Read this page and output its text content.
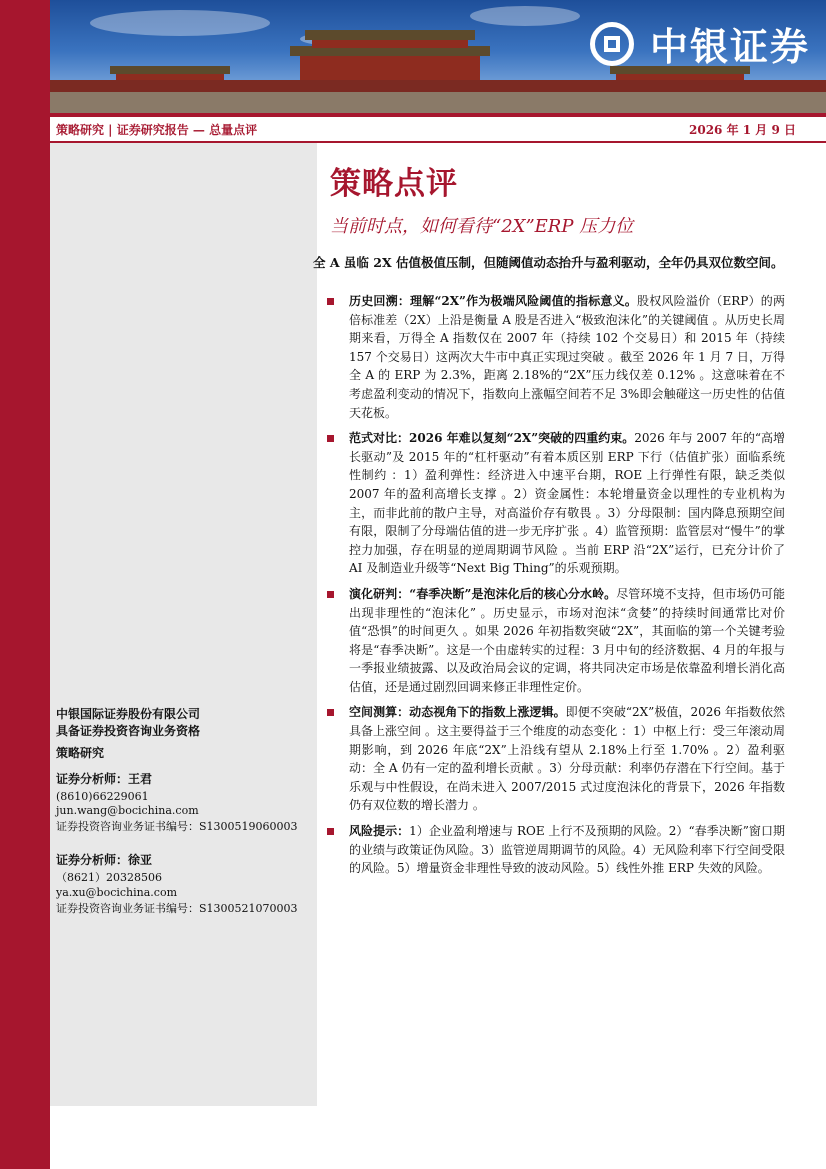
中银证券
策略研究 | 证券研究报告 — 总量点评	2026 年 1 月 9 日
中银国际证券股份有限公司
具备证券投资咨询业务资格
策略研究
证券分析师：王君
(8610)66229061
jun.wang@bocichina.com
证券投资咨询业务证书编号：S1300519060003
证券分析师：徐亚
（8621）20328506
ya.xu@bocichina.com
证券投资咨询业务证书编号：S1300521070003
策略点评
当前时点，如何看待“2X”ERP 压力位
全 A 虽临 2X 估值极值压制，但随阈值动态抬升与盈利驱动，全年仍具双位数空间。
历史回溯：理解“2X”作为极端风险阈值的指标意义。股权风险溢价（ERP）的两倍标准差（2X）上沿是衡量 A 股是否进入“极致泡沫化”的关键阈值 。从历史长周期来看，万得全 A 指数仅在 2007 年（持续 102 个交易日）和 2015 年（持续 157 个交易日）这两次大牛市中真正实现过突破 。截至 2026 年 1 月 7 日，万得全 A 的 ERP 为 2.3%，距离 2.18%的“2X”压力线仅差 0.12% 。这意味着在不考虑盈利变动的情况下，指数向上涨幅空间若不足 3%即会触碰这一历史性的估值天花板。
范式对比：2026 年难以复刻“2X”突破的四重约束。2026 年与 2007 年的“高增长驱动”及 2015 年的“杠杆驱动”有着本质区别 ERP 下行（估值扩张）面临系统性制约 ：1）盈利弹性：经济进入中速平台期，ROE 上行弹性有限，缺乏类似 2007 年的盈利高增长支撑 。2）资金属性：本轮增量资金以理性的专业机构为主，而非此前的散户主导，对高溢价存有敬畏 。3）分母限制：国内降息预期空间有限，限制了分母端估值的进一步无序扩张 。4）监管预期：监管层对“慢牛”的掌控力加强，存在明显的逆周期调节风险 。当前 ERP 沿“2X”运行，已充分计价了 AI 及制造业升级等“Next Big Thing”的乐观预期。
演化研判：“春季决断”是泡沫化后的核心分水岭。尽管环境不支持，但市场仍可能出现非理性的“泡沫化” 。历史显示，市场对泡沫“贪婪”的持续时间通常比对价值“恐惧”的时间更久 。如果 2026 年初指数突破“2X”，其面临的第一个关键考验将是“春季决断”。这是一个由虚转实的过程：3 月中旬的经济数据、4 月的年报与一季报业绩披露、以及政治局会议的定调，将共同决定市场是依靠盈利增长消化高估值，还是通过剧烈回调来修正非理性定价。
空间测算：动态视角下的指数上涨逻辑。即便不突破“2X”极值，2026 年指数依然具备上涨空间 。这主要得益于三个维度的动态变化 ：1）中枢上行：受三年滚动周期影响，到 2026 年底“2X”上沿线有望从 2.18%上行至 1.70% 。2）盈利驱动：全 A 仍有一定的盈利增长贡献 。3）分母贡献：利率仍存潜在下行空间。基于乐观与中性假设，在尚未进入 2007/2015 式过度泡沫化的背景下，2026 年指数仍有双位数的增长潜力 。
风险提示：1）企业盈利增速与 ROE 上行不及预期的风险。2）“春季决断”窗口期的业绩与政策证伪风险。3）监管逆周期调节的风险。4）无风险利率下行空间受限的风险。5）增量资金非理性导致的波动风险。5）线性外推 ERP 失效的风险。
